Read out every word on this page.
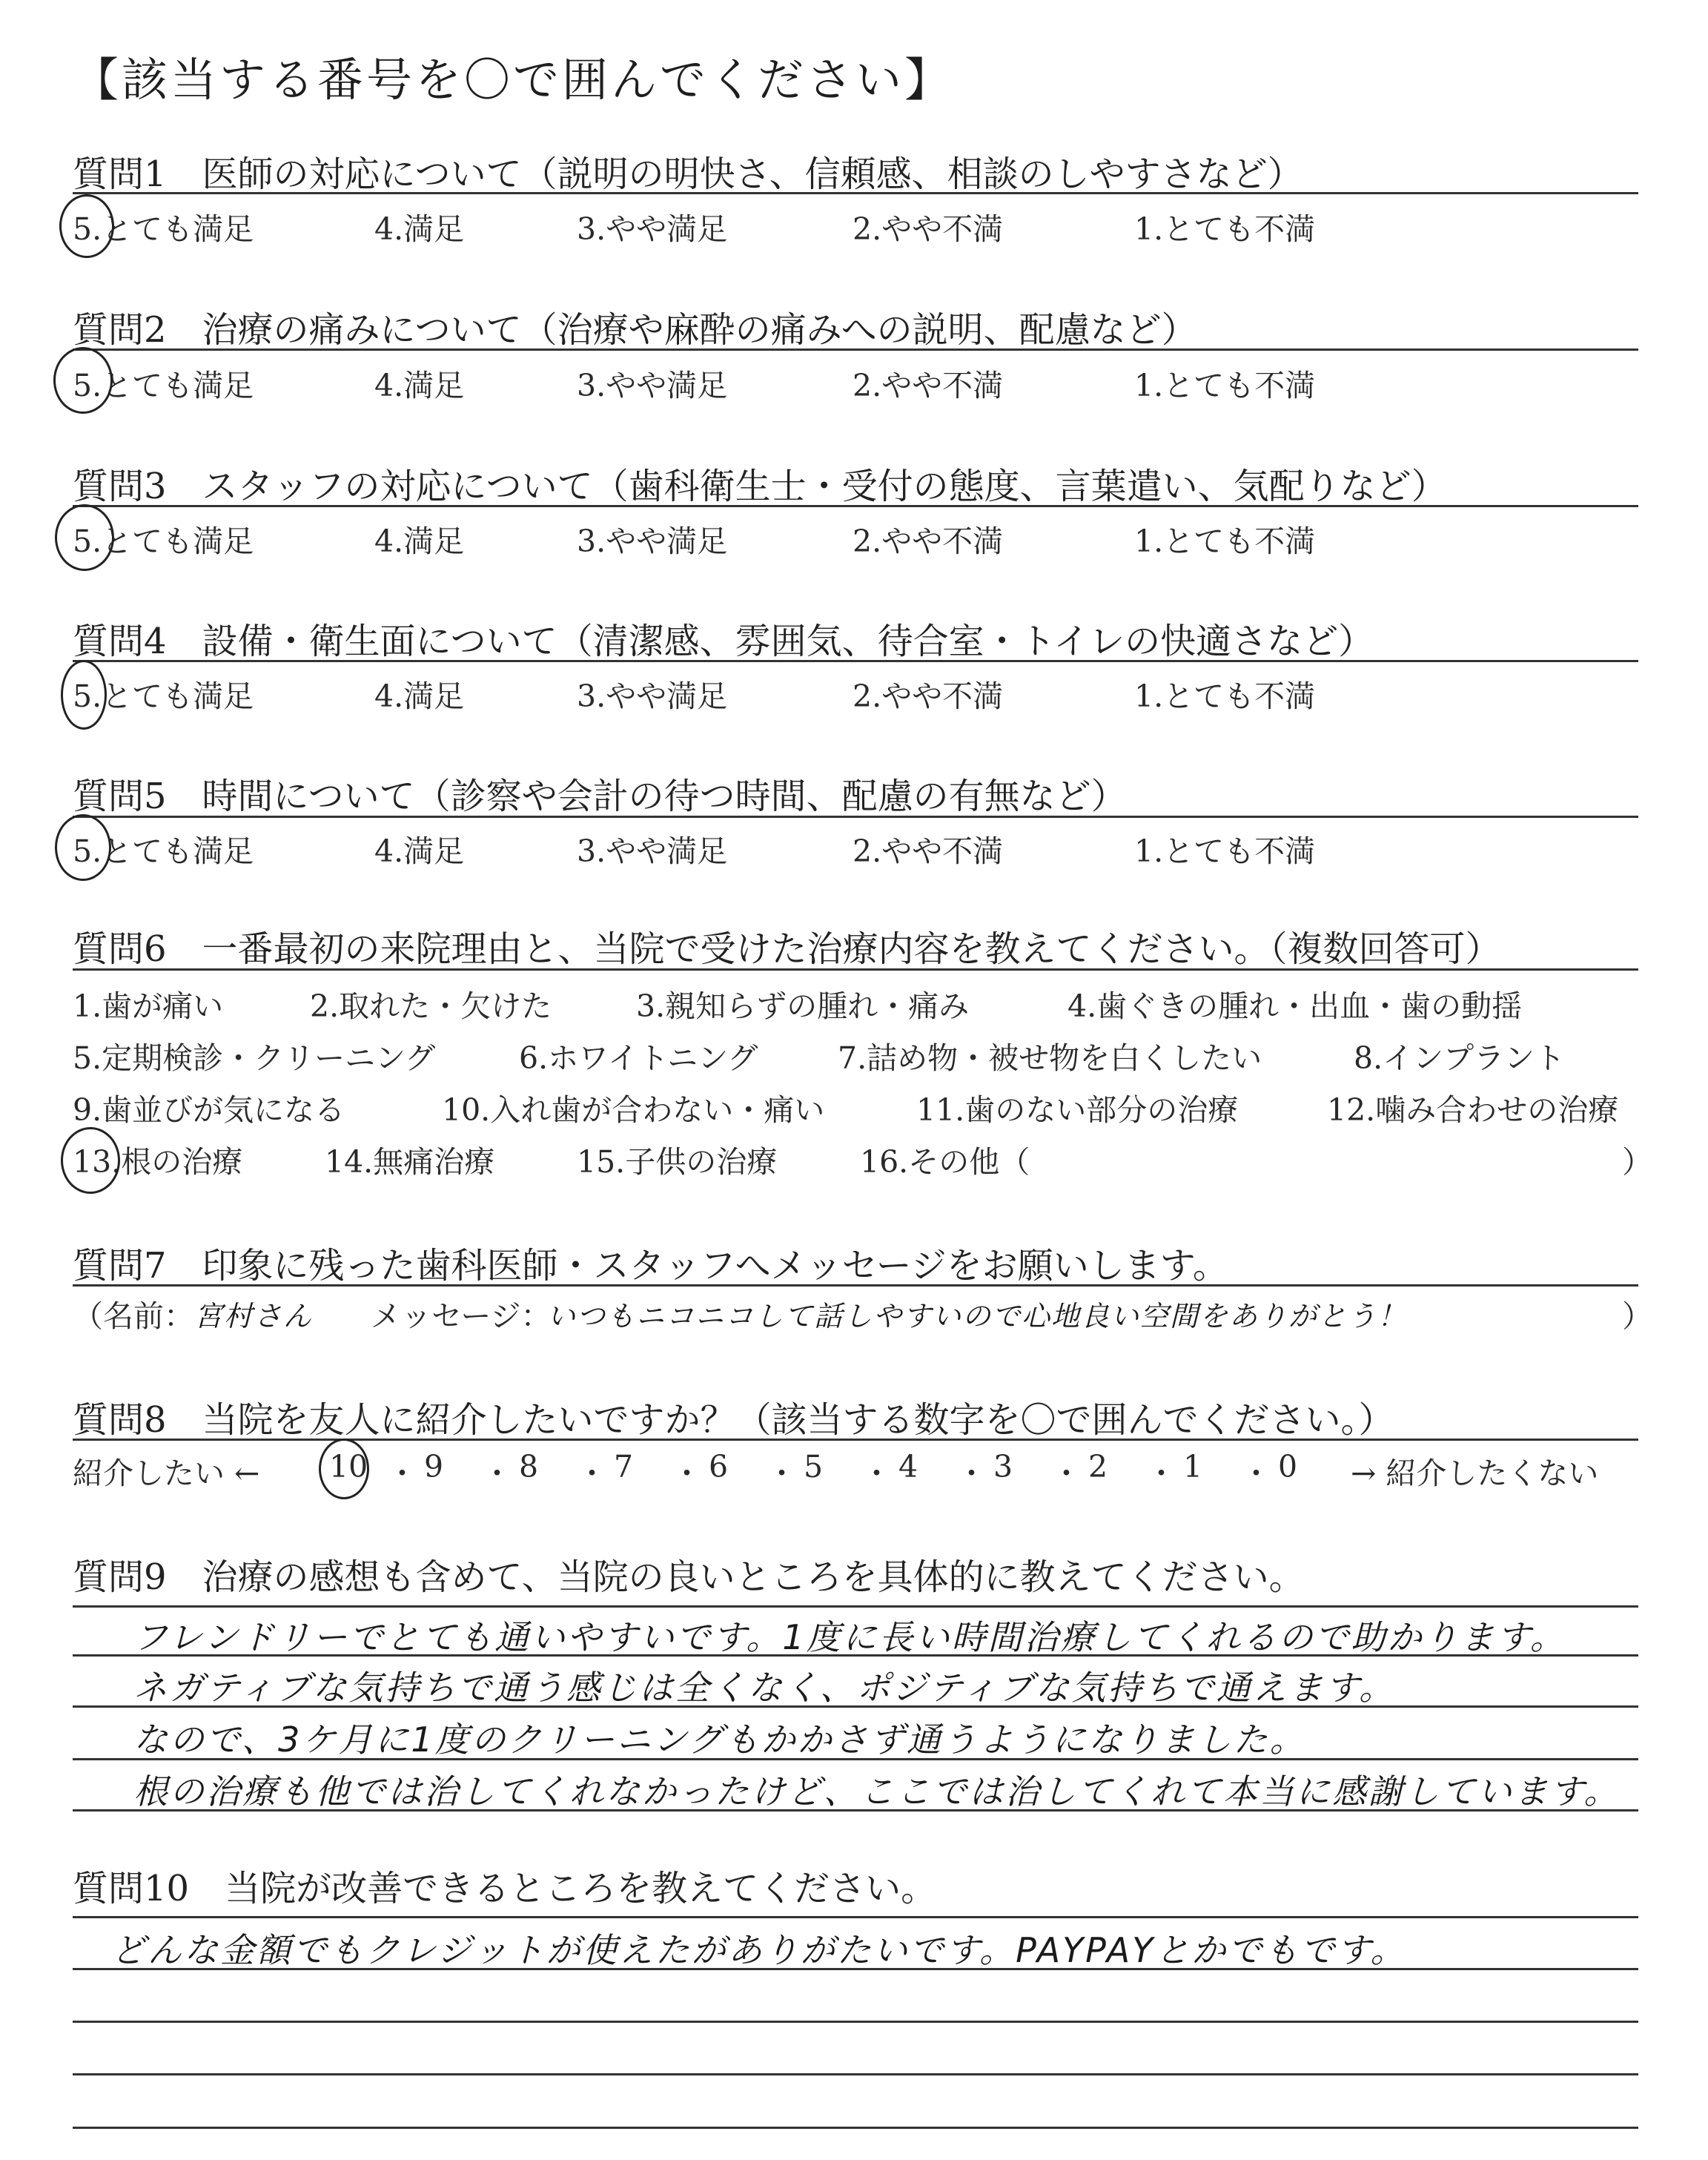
【該当する番号を〇で囲んでください】
質問1　医師の対応について（説明の明快さ、信頼感、相談のしやすさなど）
5.とても満足	4.満足	3.やや満足	2.やや不満	1.とても不満
質問2　治療の痛みについて（治療や麻酔の痛みへの説明、配慮など）
5.とても満足	4.満足	3.やや満足	2.やや不満	1.とても不満
質問3　スタッフの対応について（歯科衛生士・受付の態度、言葉遣い、気配りなど）
5.とても満足	4.満足	3.やや満足	2.やや不満	1.とても不満
質問4　設備・衛生面について（清潔感、雰囲気、待合室・トイレの快適さなど）
5.とても満足	4.満足	3.やや満足	2.やや不満	1.とても不満
質問5　時間について（診察や会計の待つ時間、配慮の有無など）
5.とても満足	4.満足	3.やや満足	2.やや不満	1.とても不満
質問6　一番最初の来院理由と、当院で受けた治療内容を教えてください。（複数回答可）
1.歯が痛い	2.取れた・欠けた	3.親知らずの腫れ・痛み	4.歯ぐきの腫れ・出血・歯の動揺
5.定期検診・クリーニング	6.ホワイトニング	7.詰め物・被せ物を白くしたい	8.インプラント
9.歯並びが気になる	10.入れ歯が合わない・痛い	11.歯のない部分の治療	12.噛み合わせの治療
13.根の治療	14.無痛治療	15.子供の治療	16.その他（	）
質問7　印象に残った歯科医師・スタッフへメッセージをお願いします。
（名前： 宮村さん メッセージ：
いつもニコニコして話しやすいので心地良い空間をありがとう！	）
質問8　当院を友人に紹介したいですか？（該当する数字を〇で囲んでください。）
紹介したい ← 10 ・ 9 ・ 8 ・ 7 ・ 6 ・ 5 ・ 4 ・ 3 ・ 2 ・ 1 ・ 0 → 紹介したくない
質問9　治療の感想も含めて、当院の良いところを具体的に教えてください。
フレンドリーでとても通いやすいです。1度に長い時間治療してくれるので助かります。
ネガティブな気持ちで通う感じは全くなく、ポジティブな気持ちで通えます。
なので、3ケ月に1度のクリーニングもかかさず通うようになりました。
根の治療も他では治してくれなかったけど、ここでは治してくれて本当に感謝しています。
質問10　当院が改善できるところを教えてください。
どんな金額でもクレジットが使えたがありがたいです。PAYPAYとかでもです。
